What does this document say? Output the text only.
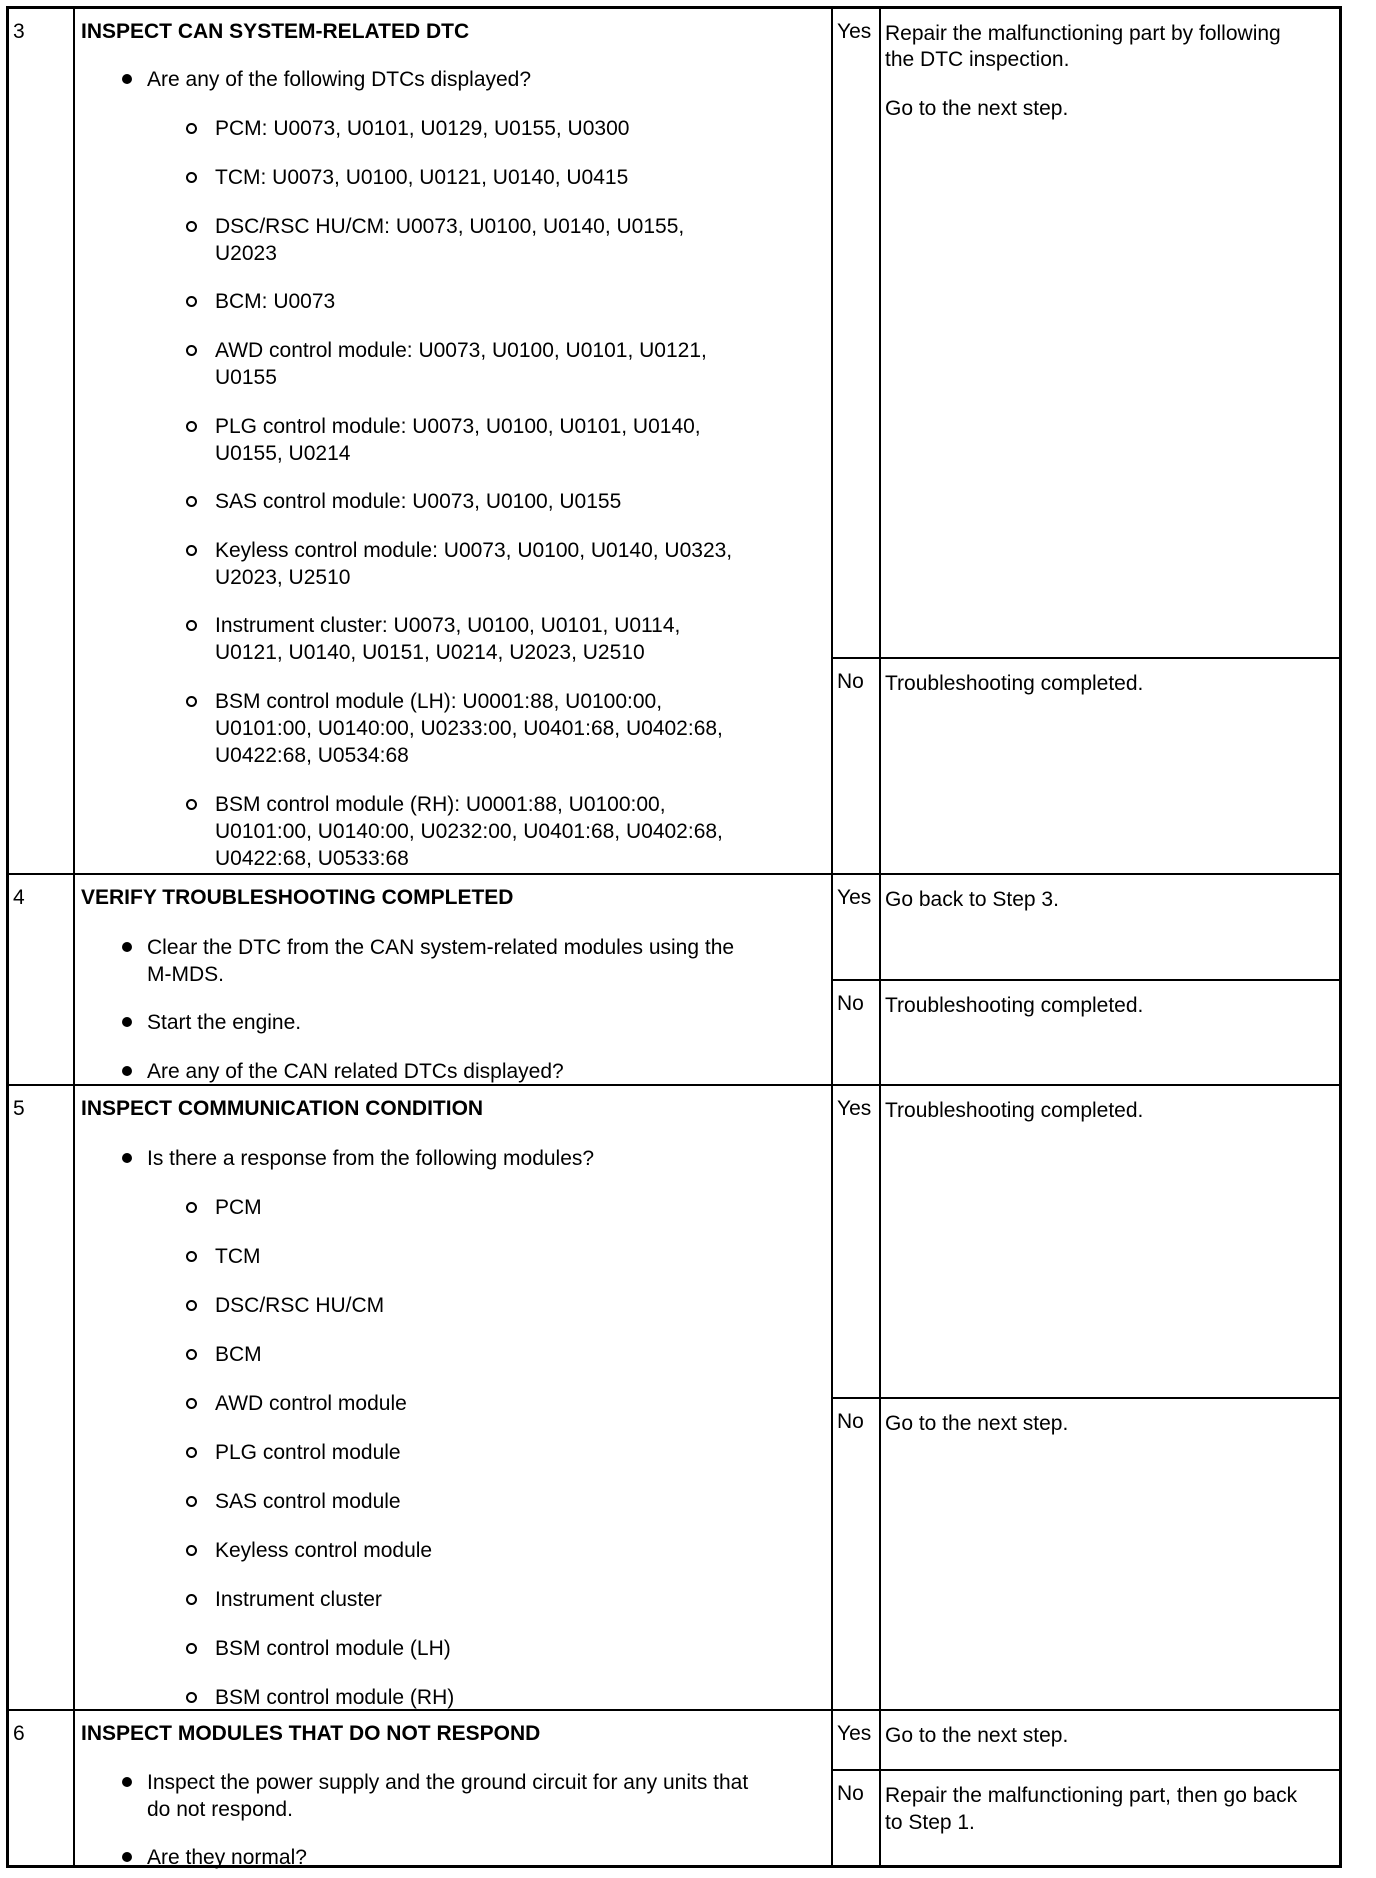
3	INSPECT CAN SYSTEM-RELATED DTC
Are any of the following DTCs displayed?
PCM: U0073, U0101, U0129, U0155, U0300
TCM: U0073, U0100, U0121, U0140, U0415
DSC/RSC HU/CM: U0073, U0100, U0140, U0155,
U2023
BCM: U0073
AWD control module: U0073, U0100, U0101, U0121,
U0155
PLG control module: U0073, U0100, U0101, U0140,
U0155, U0214
SAS control module: U0073, U0100, U0155
Keyless control module: U0073, U0100, U0140, U0323,
U2023, U2510
Instrument cluster: U0073, U0100, U0101, U0114,
U0121, U0140, U0151, U0214, U2023, U2510
BSM control module (LH): U0001:88, U0100:00,
U0101:00, U0140:00, U0233:00, U0401:68, U0402:68,
U0422:68, U0534:68
BSM control module (RH): U0001:88, U0100:00,
U0101:00, U0140:00, U0232:00, U0401:68, U0402:68,
U0422:68, U0533:68
Yes Repair the malfunctioning part by following
the DTC inspection.
Go to the next step.
No Troubleshooting completed.
4	VERIFY TROUBLESHOOTING COMPLETED
Clear the DTC from the CAN system-related modules using the
M-MDS.
Start the engine.
Are any of the CAN related DTCs displayed?
Yes Go back to Step 3.
No Troubleshooting completed.
5	INSPECT COMMUNICATION CONDITION
Is there a response from the following modules?
PCM
TCM
DSC/RSC HU/CM
BCM
AWD control module
PLG control module
SAS control module
Keyless control module
Instrument cluster
BSM control module (LH)
BSM control module (RH)
Yes Troubleshooting completed.
No Go to the next step.
6	INSPECT MODULES THAT DO NOT RESPOND
Inspect the power supply and the ground circuit for any units that
do not respond.
Are they normal?
Yes Go to the next step.
No Repair the malfunctioning part, then go back
to Step 1.
